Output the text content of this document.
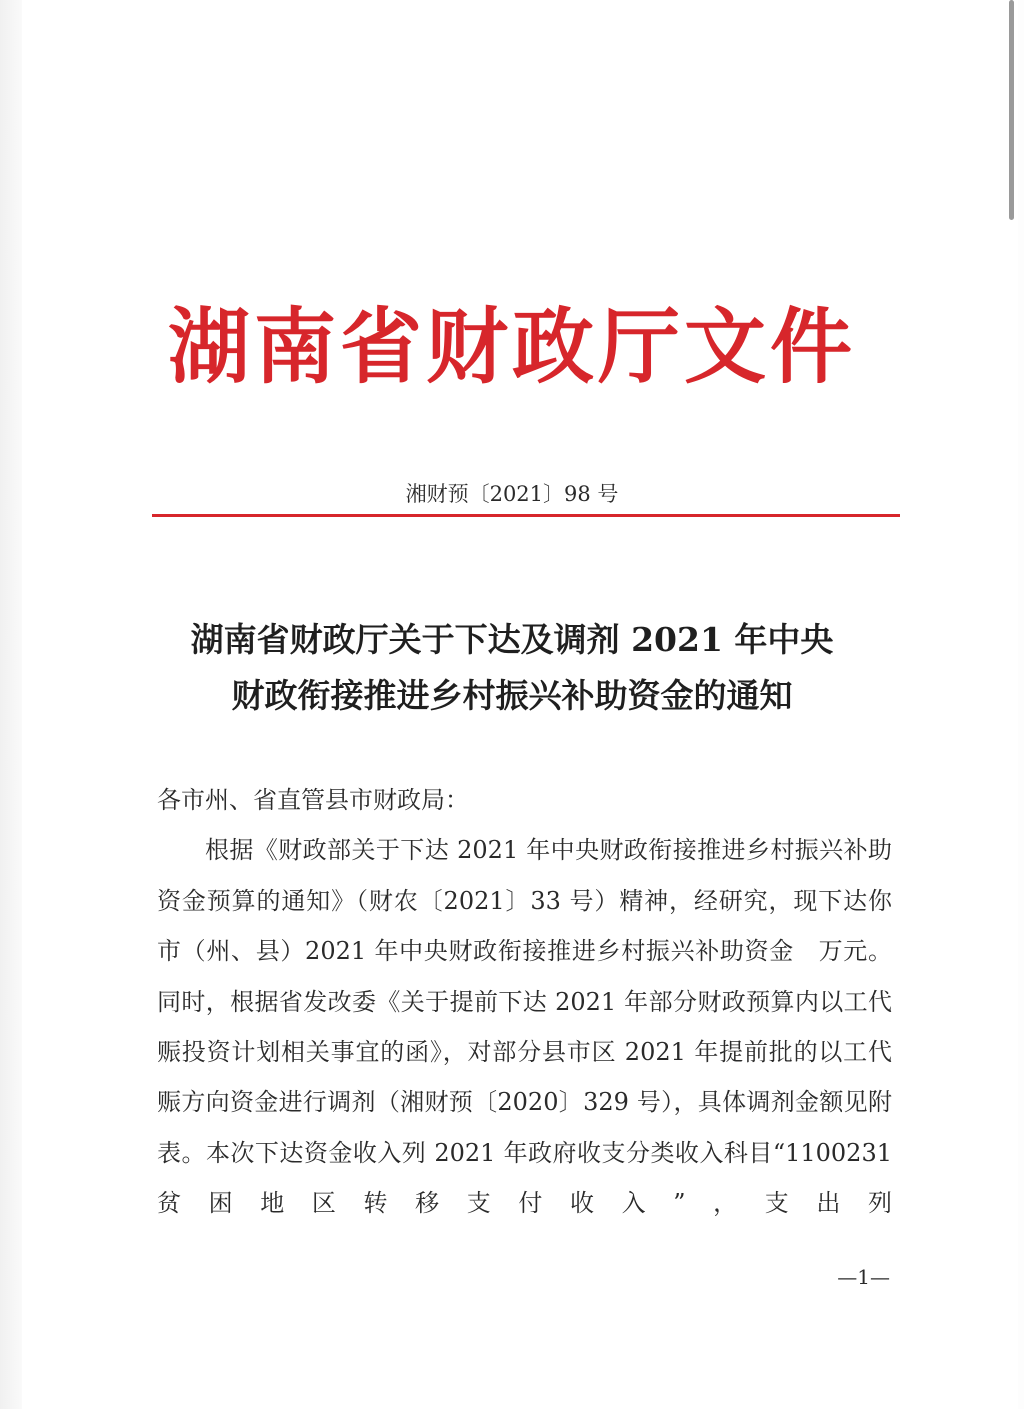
湖南省财政厅文件
湘财预〔2021〕98 号
湖南省财政厅关于下达及调剂 2021 年中央
财政衔接推进乡村振兴补助资金的通知

各市州、省直管县市财政局：

根据《财政部关于下达 2021 年中央财政衔接推进乡村振兴补助资金预算的通知》（财农〔2021〕33 号）精神，经研究，现下达你市（州、县）2021 年中央财政衔接推进乡村振兴补助资金　万元。同时，根据省发改委《关于提前下达 2021 年部分财政预算内以工代赈投资计划相关事宜的函》，对部分县市区 2021 年提前批的以工代赈方向资金进行调剂（湘财预〔2020〕329 号），具体调剂金额见附表。本次下达资金收入列 2021 年政府收支分类收入科目“1100231 贫困地区转移支付收入”，支出列

—1—
